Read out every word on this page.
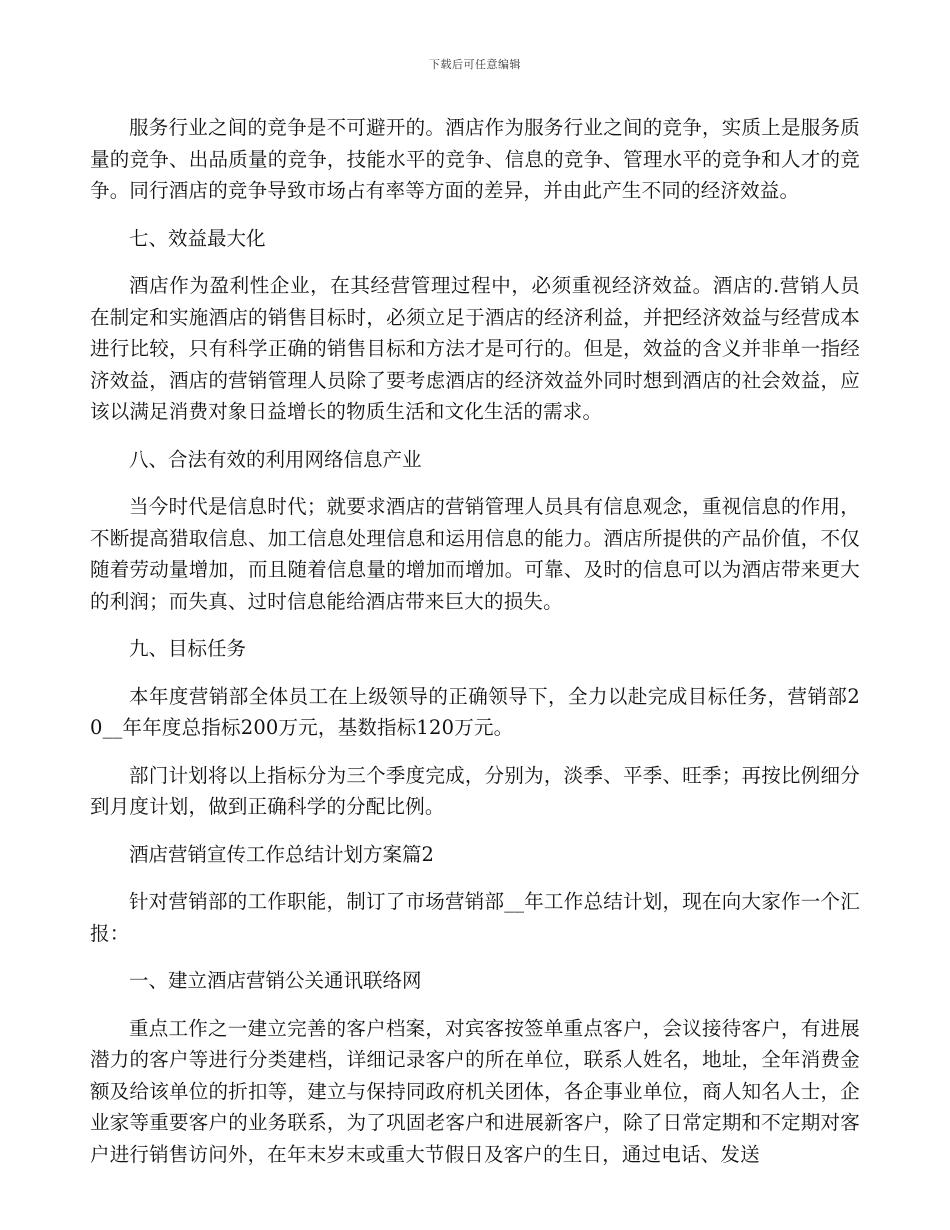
下载后可任意编辑

服务行业之间的竞争是不可避开的。酒店作为服务行业之间的竞争，实质上是服务质量的竞争、出品质量的竞争，技能水平的竞争、信息的竞争、管理水平的竞争和人才的竞争。同行酒店的竞争导致市场占有率等方面的差异，并由此产生不同的经济效益。

七、效益最大化

酒店作为盈利性企业，在其经营管理过程中，必须重视经济效益。酒店的.营销人员在制定和实施酒店的销售目标时，必须立足于酒店的经济利益，并把经济效益与经营成本进行比较，只有科学正确的销售目标和方法才是可行的。但是，效益的含义并非单一指经济效益，酒店的营销管理人员除了要考虑酒店的经济效益外同时想到酒店的社会效益，应该以满足消费对象日益增长的物质生活和文化生活的需求。

八、合法有效的利用网络信息产业

当今时代是信息时代；就要求酒店的营销管理人员具有信息观念，重视信息的作用，不断提高猎取信息、加工信息处理信息和运用信息的能力。酒店所提供的产品价值，不仅随着劳动量增加，而且随着信息量的增加而增加。可靠、及时的信息可以为酒店带来更大的利润；而失真、过时信息能给酒店带来巨大的损失。

九、目标任务

本年度营销部全体员工在上级领导的正确领导下，全力以赴完成目标任务，营销部20__年年度总指标200万元，基数指标120万元。

部门计划将以上指标分为三个季度完成，分别为，淡季、平季、旺季；再按比例细分到月度计划，做到正确科学的分配比例。

酒店营销宣传工作总结计划方案篇2

针对营销部的工作职能，制订了市场营销部__年工作总结计划，现在向大家作一个汇报：

一、建立酒店营销公关通讯联络网

重点工作之一建立完善的客户档案，对宾客按签单重点客户，会议接待客户，有进展潜力的客户等进行分类建档，详细记录客户的所在单位，联系人姓名，地址，全年消费金额及给该单位的折扣等，建立与保持同政府机关团体，各企事业单位，商人知名人士，企业家等重要客户的业务联系，为了巩固老客户和进展新客户，除了日常定期和不定期对客户进行销售访问外，在年末岁末或重大节假日及客户的生日，通过电话、发送
